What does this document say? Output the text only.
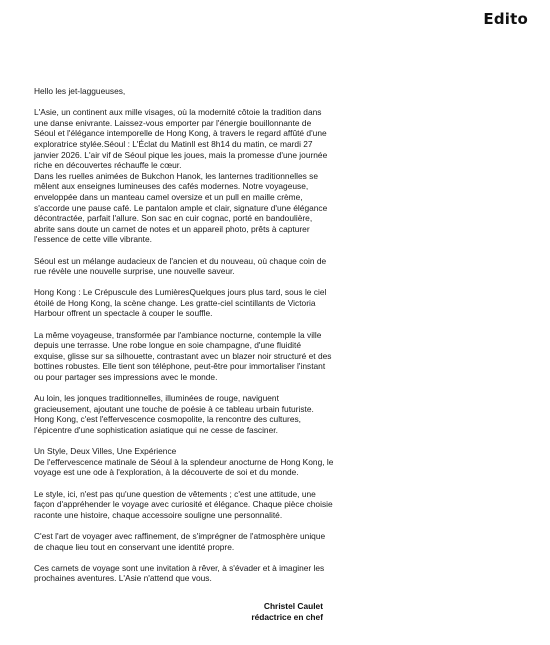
Edito

Hello les jet-laggueuses,

L'Asie, un continent aux mille visages, où la modernité côtoie la tradition dans une danse enivrante. Laissez-vous emporter par l'énergie bouillonnante de Séoul et l'élégance intemporelle de Hong Kong, à travers le regard affûté d'une exploratrice stylée.Séoul : L'Éclat du Matinll est 8h14 du matin, ce mardi 27 janvier 2026. L'air vif de Séoul pique les joues, mais la promesse d'une journée riche en découvertes réchauffe le cœur.
Dans les ruelles animées de Bukchon Hanok, les lanternes traditionnelles se mêlent aux enseignes lumineuses des cafés modernes. Notre voyageuse, enveloppée dans un manteau camel oversize et un pull en maille crème, s'accorde une pause café. Le pantalon ample et clair, signature d'une élégance décontractée, parfait l'allure. Son sac en cuir cognac, porté en bandoulière, abrite sans doute un carnet de notes et un appareil photo, prêts à capturer l'essence de cette ville vibrante.

Séoul est un mélange audacieux de l'ancien et du nouveau, où chaque coin de rue révèle une nouvelle surprise, une nouvelle saveur.

Hong Kong : Le Crépuscule des LumièresQuelques jours plus tard, sous le ciel étoilé de Hong Kong, la scène change. Les gratte-ciel scintillants de Victoria Harbour offrent un spectacle à couper le souffle.

La même voyageuse, transformée par l'ambiance nocturne, contemple la ville depuis une terrasse. Une robe longue en soie champagne, d'une fluidité exquise, glisse sur sa silhouette, contrastant avec un blazer noir structuré et des bottines robustes. Elle tient son téléphone, peut-être pour immortaliser l'instant ou pour partager ses impressions avec le monde.

Au loin, les jonques traditionnelles, illuminées de rouge, naviguent gracieusement, ajoutant une touche de poésie à ce tableau urbain futuriste. Hong Kong, c'est l'effervescence cosmopolite, la rencontre des cultures, l'épicentre d'une sophistication asiatique qui ne cesse de fasciner.

Un Style, Deux Villes, Une Expérience
De l'effervescence matinale de Séoul à la splendeur anocturne de Hong Kong, le voyage est une ode à l'exploration, à la découverte de soi et du monde.

Le style, ici, n'est pas qu'une question de vêtements ; c'est une attitude, une façon d'appréhender le voyage avec curiosité et élégance. Chaque pièce choisie raconte une histoire, chaque accessoire souligne une personnalité.

C'est l'art de voyager avec raffinement, de s'imprégner de l'atmosphère unique de chaque lieu tout en conservant une identité propre.

Ces carnets de voyage sont une invitation à rêver, à s'évader et à imaginer les prochaines aventures. L'Asie n'attend que vous.

Christel Caulet
rédactrice en chef
